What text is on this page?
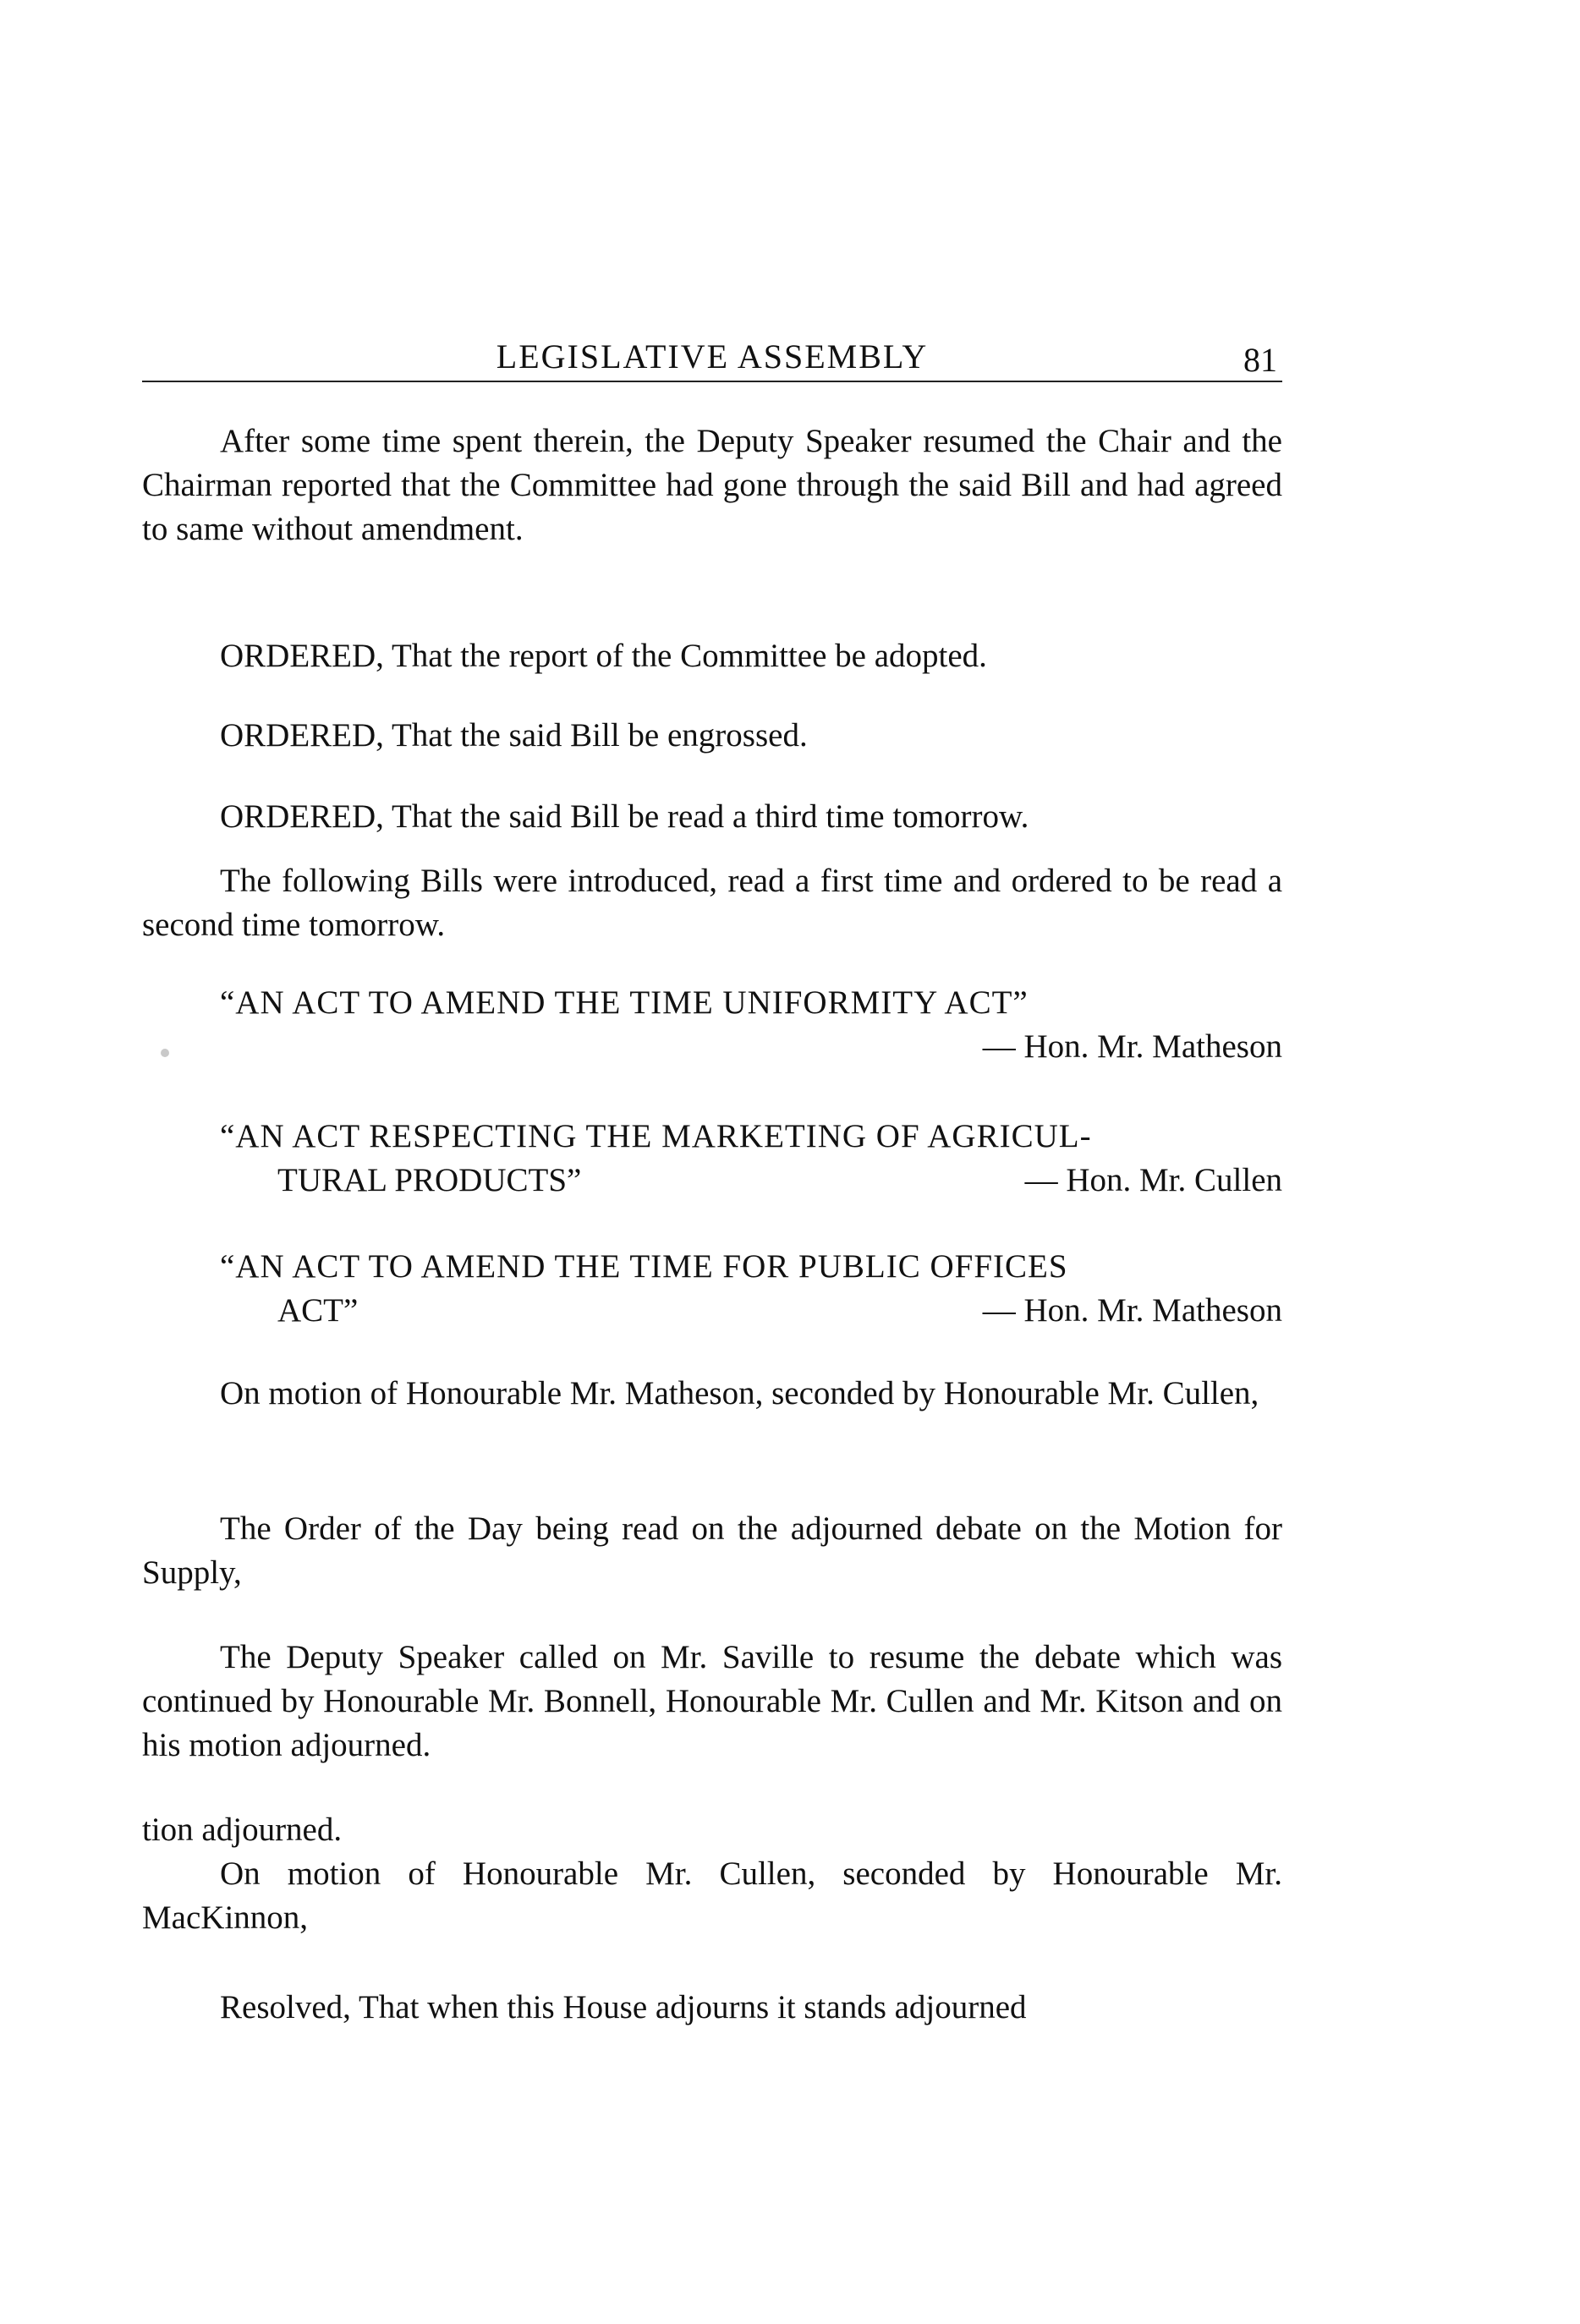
LEGISLATIVE ASSEMBLY	81

After some time spent therein, the Deputy Speaker resumed the Chair and the Chairman reported that the Committee had gone through the said Bill and had agreed to same without amendment.

ORDERED, That the report of the Committee be adopted.

ORDERED, That the said Bill be engrossed.

ORDERED, That the said Bill be read a third time tomorrow.

The following Bills were introduced, read a first time and ordered to be read a second time tomorrow.

“AN ACT TO AMEND THE TIME UNIFORMITY ACT”
— Hon. Mr. Matheson
“AN ACT RESPECTING THE MARKETING OF AGRICUL-
TURAL PRODUCTS”	— Hon. Mr. Cullen
“AN ACT TO AMEND THE TIME FOR PUBLIC OFFICES
ACT”	— Hon. Mr. Matheson

On motion of Honourable Mr. Matheson, seconded by Honourable Mr. Cullen,

The Order of the Day being read on the adjourned debate on the Motion for Supply,

The Deputy Speaker called on Mr. Saville to resume the debate which was continued by Honourable Mr. Bonnell, Honourable Mr. Cullen and Mr. Kitson and on his motion adjourned.

tion adjourned.

On motion of Honourable Mr. Cullen, seconded by Honourable Mr. MacKinnon,

Resolved, That when this House adjourns it stands adjourned
